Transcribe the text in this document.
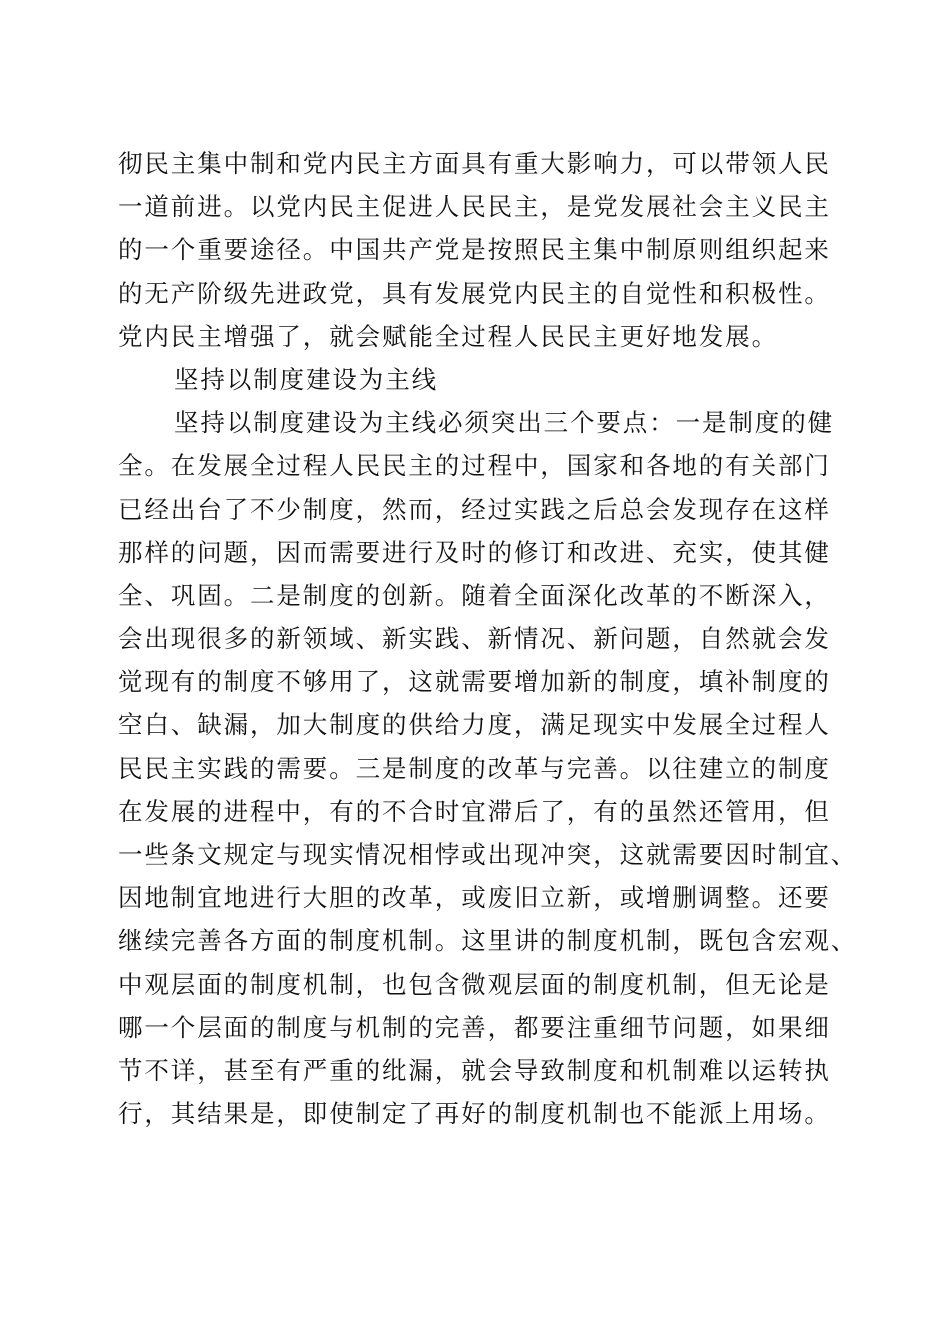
彻民主集中制和党内民主方面具有重大影响力，可以带领人民
一道前进。以党内民主促进人民民主，是党发展社会主义民主
的一个重要途径。中国共产党是按照民主集中制原则组织起来
的无产阶级先进政党，具有发展党内民主的自觉性和积极性。
党内民主增强了，就会赋能全过程人民民主更好地发展。
坚持以制度建设为主线
坚持以制度建设为主线必须突出三个要点：一是制度的健
全。在发展全过程人民民主的过程中，国家和各地的有关部门
已经出台了不少制度，然而，经过实践之后总会发现存在这样
那样的问题，因而需要进行及时的修订和改进、充实，使其健
全、巩固。二是制度的创新。随着全面深化改革的不断深入，
会出现很多的新领域、新实践、新情况、新问题，自然就会发
觉现有的制度不够用了，这就需要增加新的制度，填补制度的
空白、缺漏，加大制度的供给力度，满足现实中发展全过程人
民民主实践的需要。三是制度的改革与完善。以往建立的制度
在发展的进程中，有的不合时宜滞后了，有的虽然还管用，但
一些条文规定与现实情况相悖或出现冲突，这就需要因时制宜、
因地制宜地进行大胆的改革，或废旧立新，或增删调整。还要
继续完善各方面的制度机制。这里讲的制度机制，既包含宏观、
中观层面的制度机制，也包含微观层面的制度机制，但无论是
哪一个层面的制度与机制的完善，都要注重细节问题，如果细
节不详，甚至有严重的纰漏，就会导致制度和机制难以运转执
行，其结果是，即使制定了再好的制度机制也不能派上用场。
